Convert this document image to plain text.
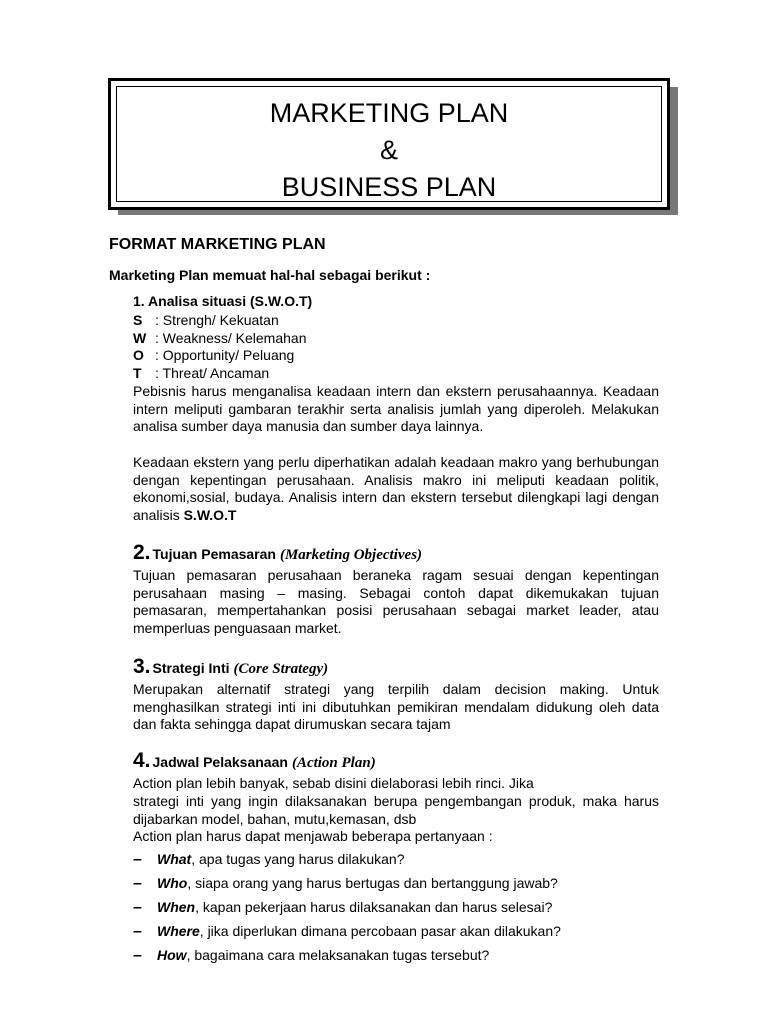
MARKETING PLAN
&
BUSINESS PLAN
FORMAT MARKETING PLAN
Marketing Plan memuat hal-hal sebagai berikut :
1. Analisa situasi (S.W.O.T)
S : Strengh/ Kekuatan
W : Weakness/ Kelemahan
O : Opportunity/ Peluang
T : Threat/ Ancaman
Pebisnis harus menganalisa keadaan intern dan ekstern perusahaannya. Keadaan intern meliputi gambaran terakhir serta analisis jumlah yang diperoleh. Melakukan analisa sumber daya manusia dan sumber daya lainnya.
Keadaan ekstern yang perlu diperhatikan adalah keadaan makro yang berhubungan dengan kepentingan perusahaan. Analisis makro ini meliputi keadaan politik, ekonomi,sosial, budaya. Analisis intern dan ekstern tersebut dilengkapi lagi dengan analisis S.W.O.T
2. Tujuan Pemasaran (Marketing Objectives)
Tujuan pemasaran perusahaan beraneka ragam sesuai dengan kepentingan perusahaan masing – masing. Sebagai contoh dapat dikemukakan tujuan pemasaran, mempertahankan posisi perusahaan sebagai market leader, atau memperluas penguasaan market.
3. Strategi Inti (Core Strategy)
Merupakan alternatif strategi yang terpilih dalam decision making. Untuk menghasilkan strategi inti ini dibutuhkan pemikiran mendalam didukung oleh data dan fakta sehingga dapat dirumuskan secara tajam
4. Jadwal Pelaksanaan (Action Plan)
Action plan lebih banyak, sebab disini dielaborasi lebih rinci. Jika
strategi inti yang ingin dilaksanakan berupa pengembangan produk, maka harus dijabarkan model, bahan, mutu,kemasan, dsb
Action plan harus dapat menjawab beberapa pertanyaan :
–	What , apa tugas yang harus dilakukan?
–	Who , siapa orang yang harus bertugas dan bertanggung jawab?
–	When , kapan pekerjaan harus dilaksanakan dan harus selesai?
–	Where , jika diperlukan dimana percobaan pasar akan dilakukan?
–	How , bagaimana cara melaksanakan tugas tersebut?
